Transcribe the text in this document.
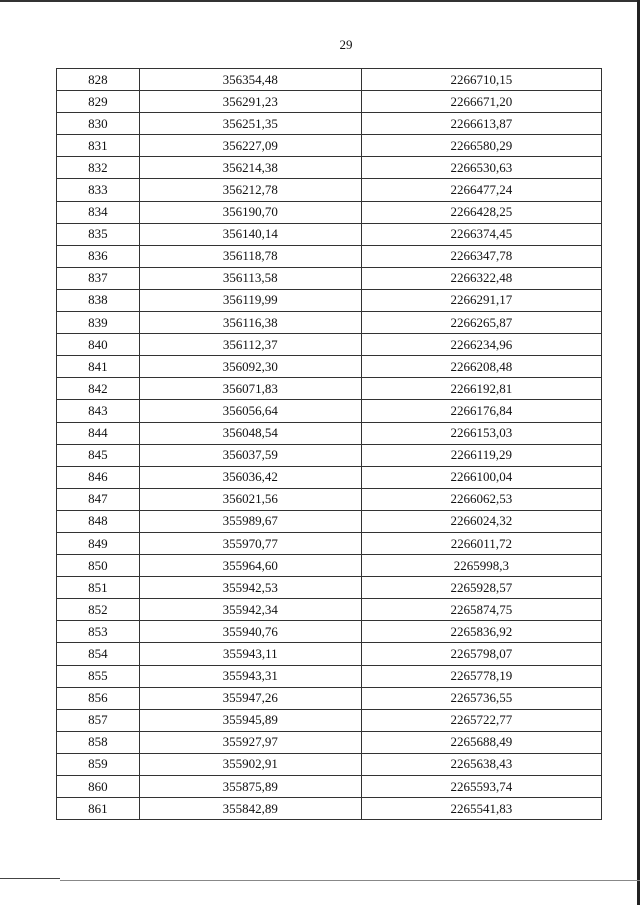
29
828	356354,48	2266710,15
829	356291,23	2266671,20
830	356251,35	2266613,87
831	356227,09	2266580,29
832	356214,38	2266530,63
833	356212,78	2266477,24
834	356190,70	2266428,25
835	356140,14	2266374,45
836	356118,78	2266347,78
837	356113,58	2266322,48
838	356119,99	2266291,17
839	356116,38	2266265,87
840	356112,37	2266234,96
841	356092,30	2266208,48
842	356071,83	2266192,81
843	356056,64	2266176,84
844	356048,54	2266153,03
845	356037,59	2266119,29
846	356036,42	2266100,04
847	356021,56	2266062,53
848	355989,67	2266024,32
849	355970,77	2266011,72
850	355964,60	2265998,3
851	355942,53	2265928,57
852	355942,34	2265874,75
853	355940,76	2265836,92
854	355943,11	2265798,07
855	355943,31	2265778,19
856	355947,26	2265736,55
857	355945,89	2265722,77
858	355927,97	2265688,49
859	355902,91	2265638,43
860	355875,89	2265593,74
861	355842,89	2265541,83
